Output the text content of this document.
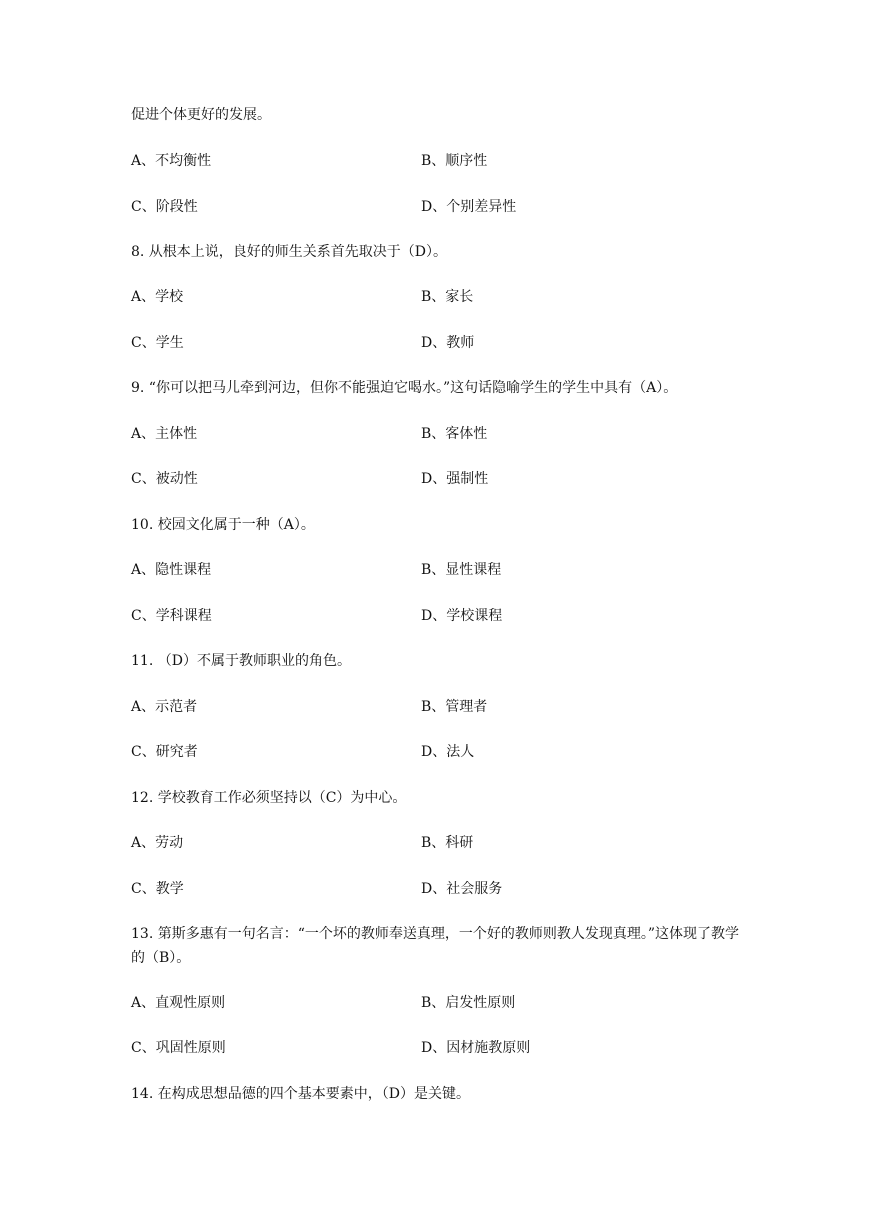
促进个体更好的发展。
A、不均衡性	B、顺序性
C、阶段性	D、个别差异性
8. 从根本上说，良好的师生关系首先取决于（D）。
A、学校	B、家长
C、学生	D、教师
9. “你可以把马儿牵到河边，但你不能强迫它喝水。”这句话隐喻学生的学生中具有（A）。
A、主体性	B、客体性
C、被动性	D、强制性
10. 校园文化属于一种（A）。
A、隐性课程	B、显性课程
C、学科课程	D、学校课程
11. （D）不属于教师职业的角色。
A、示范者	B、管理者
C、研究者	D、法人
12. 学校教育工作必须坚持以（C）为中心。
A、劳动	B、科研
C、教学	D、社会服务
13. 第斯多惠有一句名言：“一个坏的教师奉送真理，一个好的教师则教人发现真理。”这体现了教学的（B）。
A、直观性原则	B、启发性原则
C、巩固性原则	D、因材施教原则
14. 在构成思想品德的四个基本要素中，（D）是关键。
